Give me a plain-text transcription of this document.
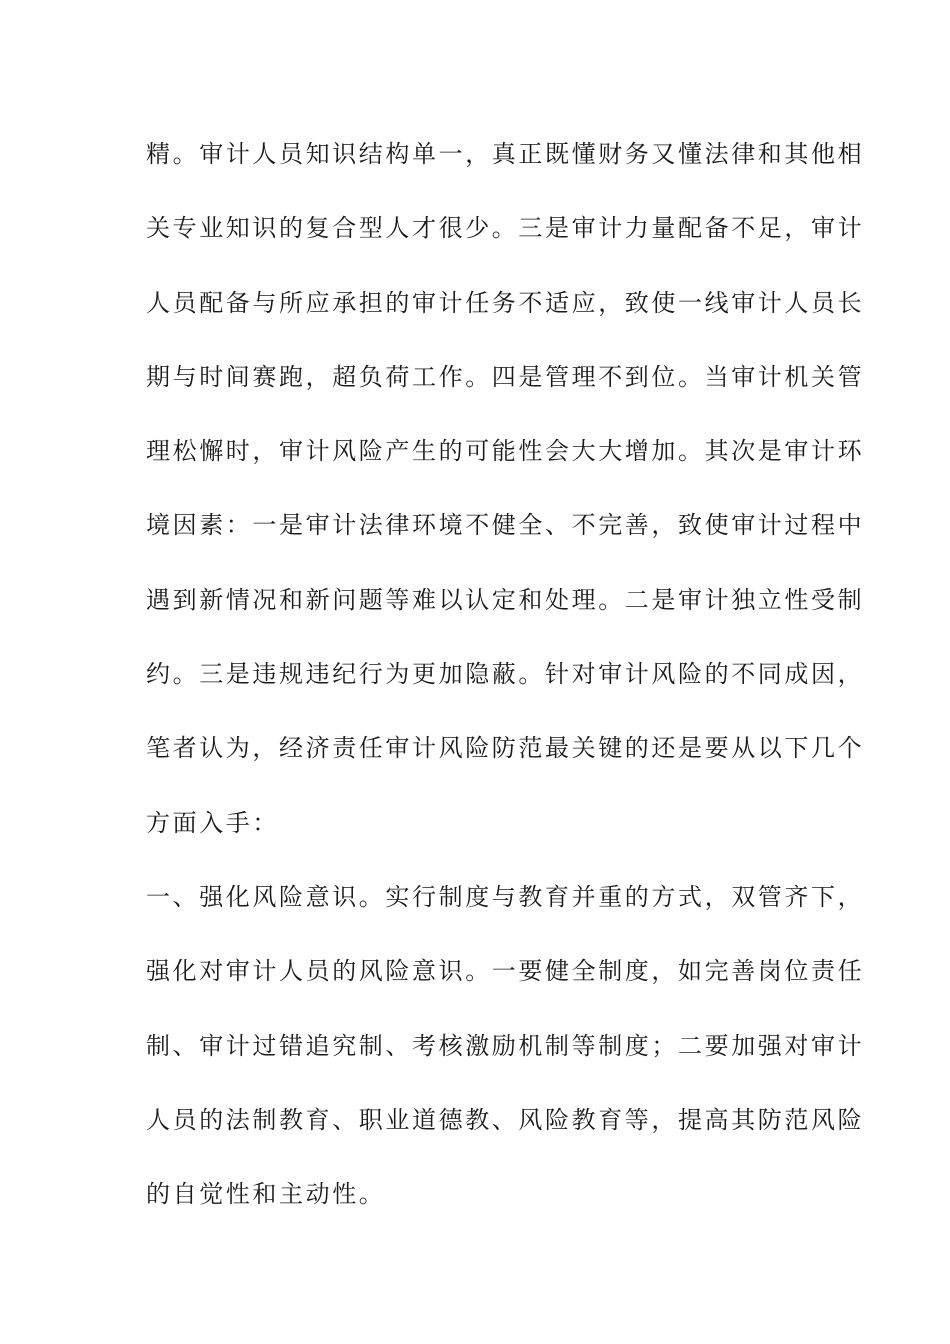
精。审计人员知识结构单一，真正既懂财务又懂法律和其他相
关专业知识的复合型人才很少。三是审计力量配备不足，审计
人员配备与所应承担的审计任务不适应，致使一线审计人员长
期与时间赛跑，超负荷工作。四是管理不到位。当审计机关管
理松懈时，审计风险产生的可能性会大大增加。其次是审计环
境因素：一是审计法律环境不健全、不完善，致使审计过程中
遇到新情况和新问题等难以认定和处理。二是审计独立性受制
约。三是违规违纪行为更加隐蔽。针对审计风险的不同成因，
笔者认为，经济责任审计风险防范最关键的还是要从以下几个
方面入手：
一、强化风险意识。实行制度与教育并重的方式，双管齐下，
强化对审计人员的风险意识。一要健全制度，如完善岗位责任
制、审计过错追究制、考核激励机制等制度；二要加强对审计
人员的法制教育、职业道德教、风险教育等，提高其防范风险
的自觉性和主动性。
